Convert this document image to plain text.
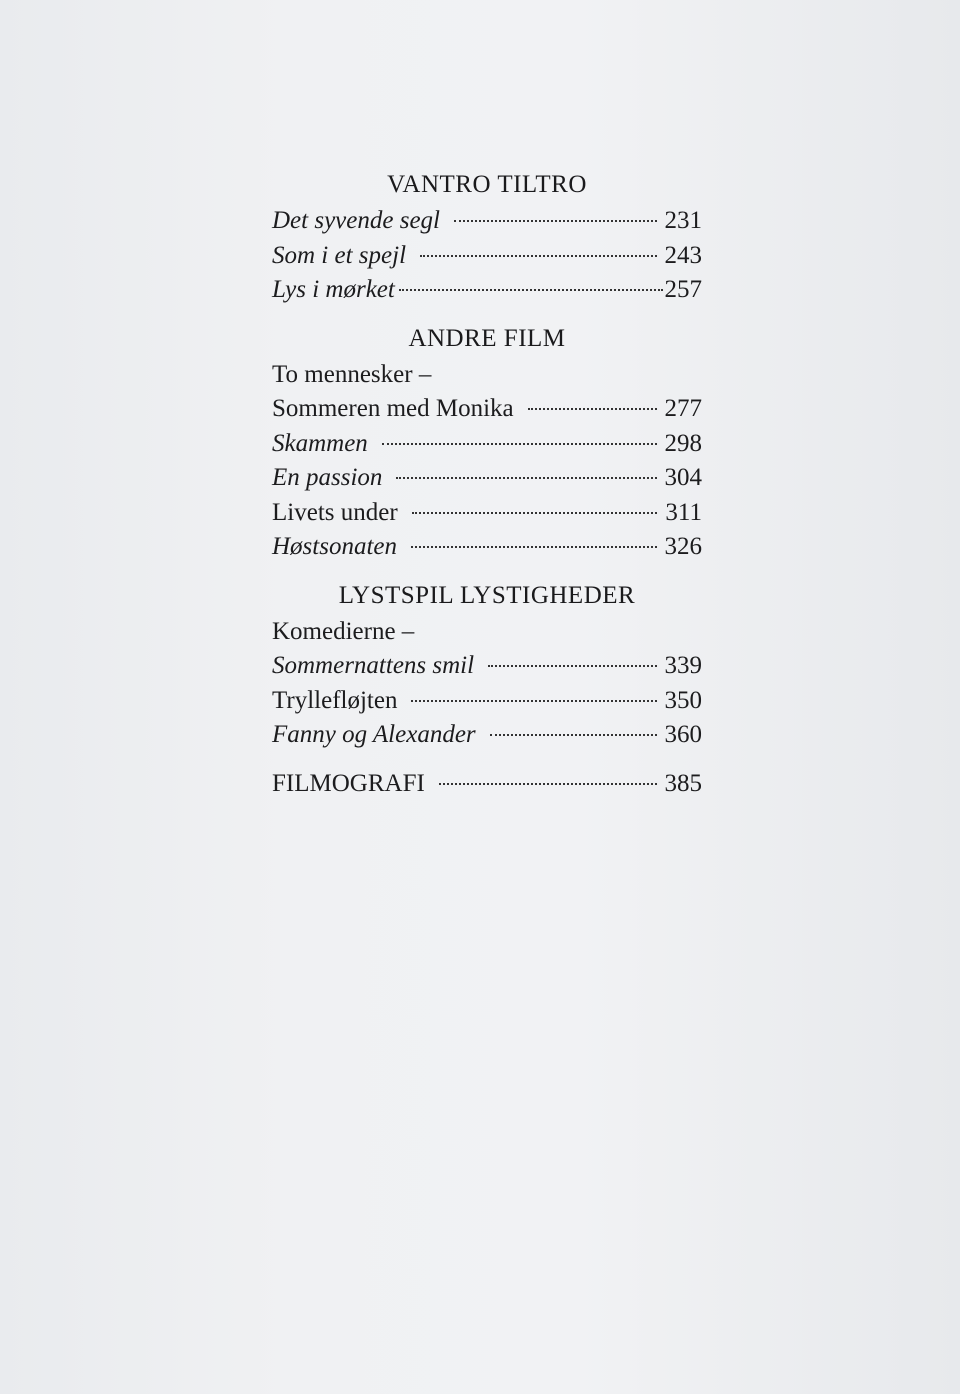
VANTRO TILTRO
Det syvende segl	231
Som i et spejl	243
Lys i mørket	257
ANDRE FILM
To mennesker –
Sommeren med Monika	277
Skammen	298
En passion	304
Livets under	311
Høstsonaten	326
LYSTSPIL LYSTIGHEDER
Komedierne –
Sommernattens smil	339
Tryllefløjten	350
Fanny og Alexander	360
FILMOGRAFI	385
